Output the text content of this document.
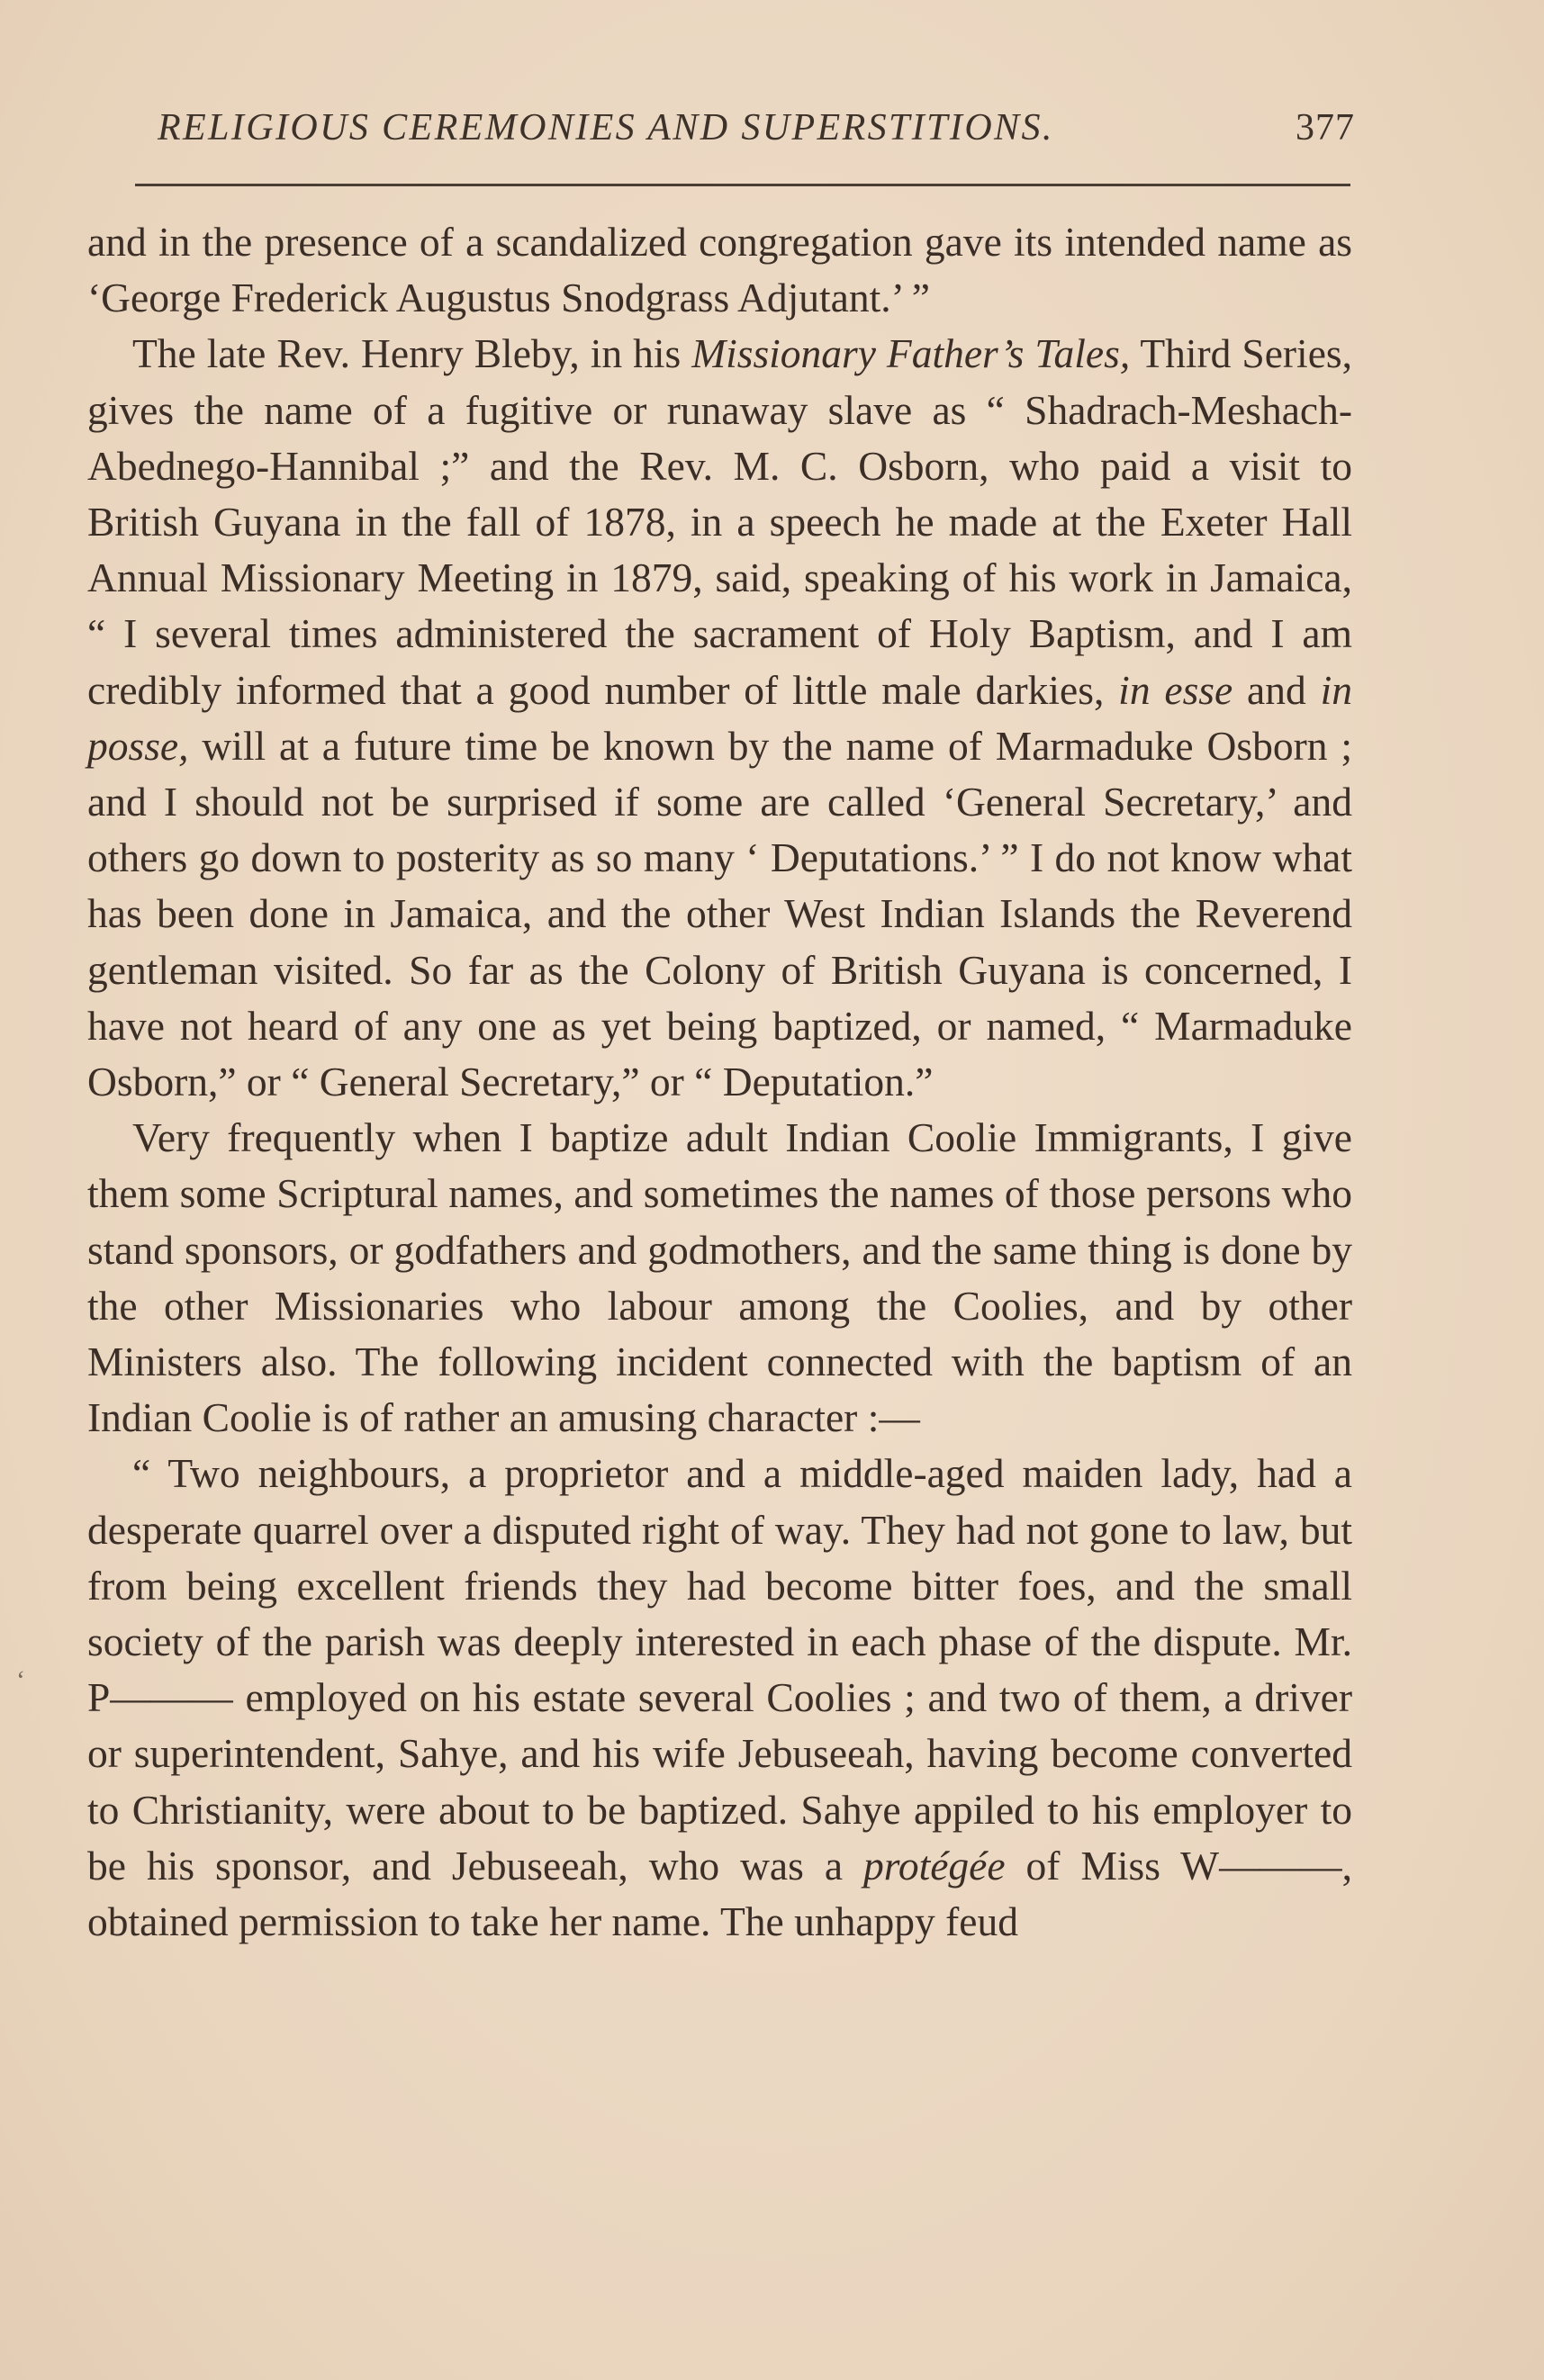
RELIGIOUS CEREMONIES AND SUPERSTITIONS.	377

and in the presence of a scandalized congregation gave its intended name as ‘George Frederick Augustus Snodgrass Adjutant.’ ”

The late Rev. Henry Bleby, in his Missionary Father’s Tales, Third Series, gives the name of a fugitive or runaway slave as “ Shadrach-Meshach-Abednego-Hannibal ;” and the Rev. M. C. Osborn, who paid a visit to British Guyana in the fall of 1878, in a speech he made at the Exeter Hall Annual Missionary Meeting in 1879, said, speaking of his work in Jamaica, “ I several times administered the sacrament of Holy Baptism, and I am credibly informed that a good number of little male darkies, in esse and in posse, will at a future time be known by the name of Marmaduke Osborn ; and I should not be surprised if some are called ‘General Secretary,’ and others go down to posterity as so many ‘ Deputations.’ ” I do not know what has been done in Jamaica, and the other West Indian Islands the Reverend gentleman visited. So far as the Colony of British Guyana is concerned, I have not heard of any one as yet being baptized, or named, “ Marmaduke Osborn,” or “ General Secretary,” or “ Deputation.”

Very frequently when I baptize adult Indian Coolie Immigrants, I give them some Scriptural names, and sometimes the names of those persons who stand sponsors, or godfathers and godmothers, and the same thing is done by the other Missionaries who labour among the Coolies, and by other Ministers also. The following incident connected with the baptism of an Indian Coolie is of rather an amusing character :—

“ Two neighbours, a proprietor and a middle-aged maiden lady, had a desperate quarrel over a disputed right of way. They had not gone to law, but from being excellent friends they had become bitter foes, and the small society of the parish was deeply interested in each phase of the dispute. Mr. P——— employed on his estate several Coolies ; and two of them, a driver or superintendent, Sahye, and his wife Jebuseeah, having become converted to Christianity, were about to be baptized. Sahye appiled to his employer to be his sponsor, and Jebuseeah, who was a protégée of Miss W———, obtained permission to take her name. The unhappy feud

‘
